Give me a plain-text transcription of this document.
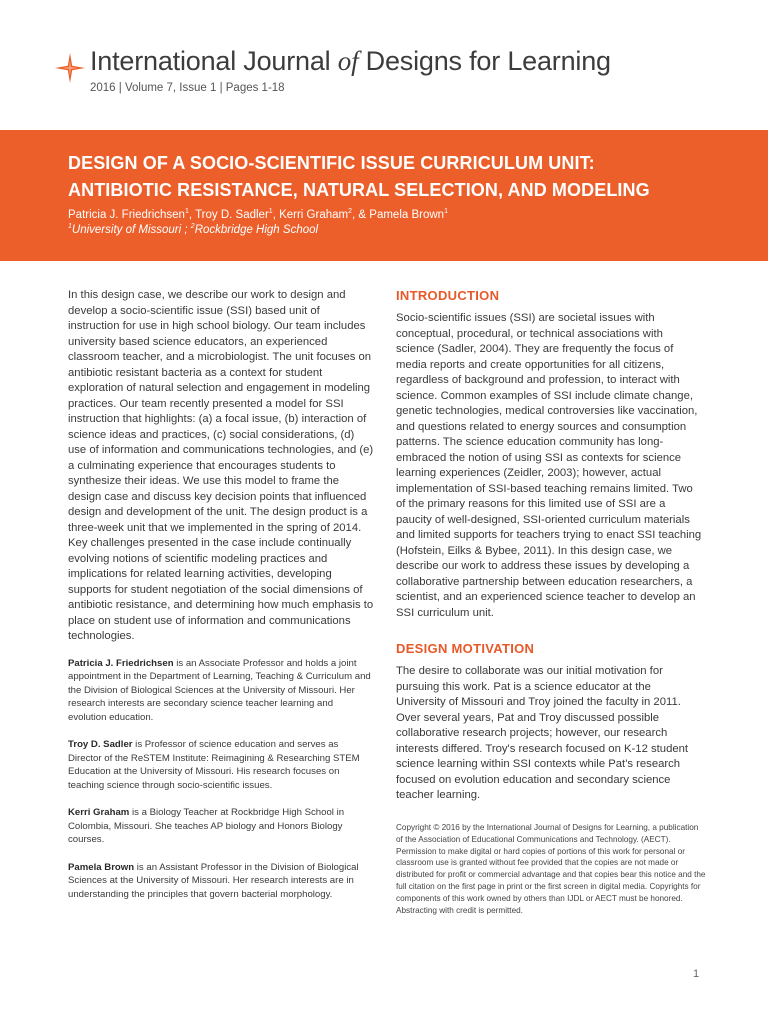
International Journal of Designs for Learning
2016 | Volume 7, Issue 1 | Pages 1-18
DESIGN OF A SOCIO-SCIENTIFIC ISSUE CURRICULUM UNIT:
ANTIBIOTIC RESISTANCE, NATURAL SELECTION, AND MODELING
Patricia J. Friedrichsen$^1$, Troy D. Sadler$^1$, Kerri Graham$^2$, & Pamela Brown$^1$
$^1$University of Missouri ; $^2$Rockbridge High School

In this design case, we describe our work to design and develop a socio-scientific issue (SSI) based unit of instruction for use in high school biology. Our team includes university based science educators, an experienced classroom teacher, and a microbiologist. The unit focuses on antibiotic resistant bacteria as a context for student exploration of natural selection and engagement in modeling practices. Our team recently presented a model for SSI instruction that highlights: (a) a focal issue, (b) interaction of science ideas and practices, (c) social considerations, (d) use of information and communications technologies, and (e) a culminating experience that encourages students to synthesize their ideas. We use this model to frame the design case and discuss key decision points that influenced design and development of the unit. The design product is a three-week unit that we implemented in the spring of 2014. Key challenges presented in the case include continually evolving notions of scientific modeling practices and implications for related learning activities, developing supports for student negotiation of the social dimensions of antibiotic resistance, and determining how much emphasis to place on student use of information and communications technologies.

Patricia J. Friedrichsen is an Associate Professor and holds a joint appointment in the Department of Learning, Teaching & Curriculum and the Division of Biological Sciences at the University of Missouri. Her research interests are secondary science teacher learning and evolution education.

Troy D. Sadler is Professor of science education and serves as Director of the ReSTEM Institute: Reimagining & Researching STEM Education at the University of Missouri. His research focuses on teaching science through socio-scientific issues.

Kerri Graham is a Biology Teacher at Rockbridge High School in Colombia, Missouri. She teaches AP biology and Honors Biology courses.

Pamela Brown is an Assistant Professor in the Division of Biological Sciences at the University of Missouri. Her research interests are in understanding the principles that govern bacterial morphology.

INTRODUCTION

Socio-scientific issues (SSI) are societal issues with conceptual, procedural, or technical associations with science (Sadler, 2004). They are frequently the focus of media reports and create opportunities for all citizens, regardless of background and profession, to interact with science. Common examples of SSI include climate change, genetic technologies, medical controversies like vaccination, and questions related to energy sources and consumption patterns. The science education community has long-embraced the notion of using SSI as contexts for science learning experiences (Zeidler, 2003); however, actual implementation of SSI-based teaching remains limited. Two of the primary reasons for this limited use of SSI are a paucity of well-designed, SSI-oriented curriculum materials and limited supports for teachers trying to enact SSI teaching (Hofstein, Eilks & Bybee, 2011). In this design case, we describe our work to address these issues by developing a collaborative partnership between education researchers, a scientist, and an experienced science teacher to develop an SSI curriculum unit.

DESIGN MOTIVATION

The desire to collaborate was our initial motivation for pursuing this work. Pat is a science educator at the University of Missouri and Troy joined the faculty in 2011. Over several years, Pat and Troy discussed possible collaborative research projects; however, our research interests differed. Troy's research focused on K-12 student science learning within SSI contexts while Pat's research focused on evolution education and secondary science teacher learning.

Copyright © 2016 by the International Journal of Designs for Learning, a publication of the Association of Educational Communications and Technology. (AECT). Permission to make digital or hard copies of portions of this work for personal or classroom use is granted without fee provided that the copies are not made or distributed for profit or commercial advantage and that copies bear this notice and the full citation on the first page in print or the first screen in digital media. Copyrights for components of this work owned by others than IJDL or AECT must be honored. Abstracting with credit is permitted.
1
